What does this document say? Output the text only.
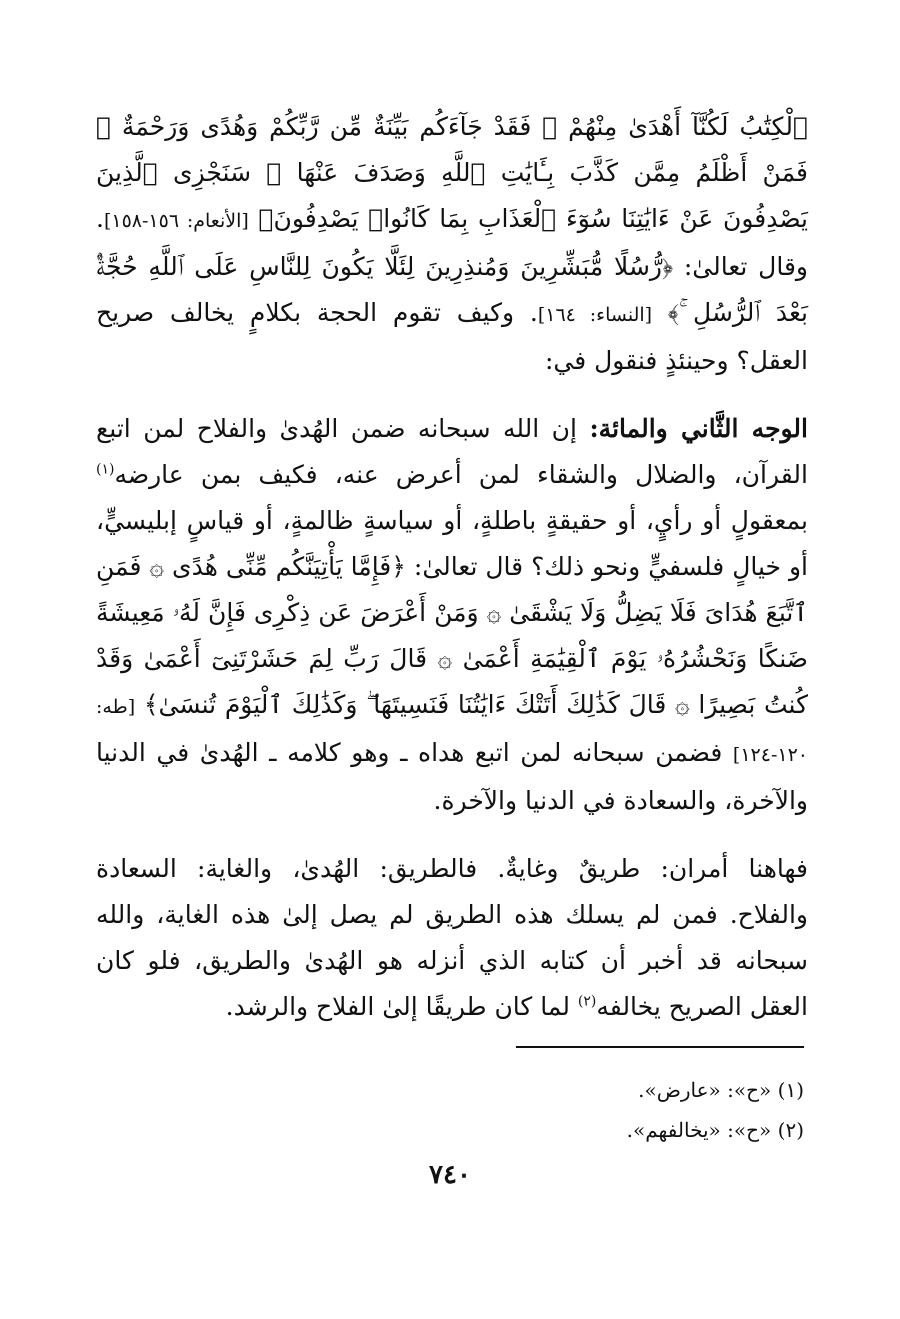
ٱلْكِتَٰبُ لَكُنَّآ أَهْدَىٰ مِنْهُمْ ۚ فَقَدْ جَآءَكُم بَيِّنَةٌ مِّن رَّبِّكُمْ وَهُدًى وَرَحْمَةٌ ۚ فَمَنْ أَظْلَمُ مِمَّن كَذَّبَ بِـَٔايَٰتِ ٱللَّهِ وَصَدَفَ عَنْهَا ۗ سَنَجْزِى ٱلَّذِينَ يَصْدِفُونَ عَنْ ءَايَٰتِنَا سُوٓءَ ٱلْعَذَابِ بِمَا كَانُوا۟ يَصْدِفُونَ﴾ [الأنعام: ١٥٦-١٥٨]. وقال تعالىٰ: ﴿رُّسُلًا مُّبَشِّرِينَ وَمُنذِرِينَ لِئَلَّا يَكُونَ لِلنَّاسِ عَلَى ٱللَّهِ حُجَّةٌۢ بَعْدَ ٱلرُّسُلِ ۚ﴾ [النساء: ١٦٤]. وكيف تقوم الحجة بكلامٍ يخالف صريح العقل؟ وحينئذٍ فنقول في:

الوجه الثَّاني والمائة: إن الله سبحانه ضمن الهُدىٰ والفلاح لمن اتبع القرآن، والضلال والشقاء لمن أعرض عنه، فكيف بمن عارضه$^{(١)}$ بمعقولٍ أو رأيٍ، أو حقيقةٍ باطلةٍ، أو سياسةٍ ظالمةٍ، أو قياسٍ إبليسيٍّ، أو خيالٍ فلسفيٍّ ونحو ذلك؟ قال تعالىٰ: ﴿فَإِمَّا يَأْتِيَنَّكُم مِّنِّى هُدًى ۞ فَمَنِ ٱتَّبَعَ هُدَاىَ فَلَا يَضِلُّ وَلَا يَشْقَىٰ ۞ وَمَنْ أَعْرَضَ عَن ذِكْرِى فَإِنَّ لَهُۥ مَعِيشَةً ضَنكًا وَنَحْشُرُهُۥ يَوْمَ ٱلْقِيَٰمَةِ أَعْمَىٰ ۞ قَالَ رَبِّ لِمَ حَشَرْتَنِىٓ أَعْمَىٰ وَقَدْ كُنتُ بَصِيرًا ۞ قَالَ كَذَٰلِكَ أَتَتْكَ ءَايَٰتُنَا فَنَسِيتَهَا ۖ وَكَذَٰلِكَ ٱلْيَوْمَ تُنسَىٰ﴾ [طه: ١٢٠-١٢٤] فضمن سبحانه لمن اتبع هداه ـ وهو كلامه ـ الهُدىٰ في الدنيا والآخرة، والسعادة في الدنيا والآخرة.

فهاهنا أمران: طريقٌ وغايةٌ. فالطريق: الهُدىٰ، والغاية: السعادة والفلاح. فمن لم يسلك هذه الطريق لم يصل إلىٰ هذه الغاية، والله سبحانه قد أخبر أن كتابه الذي أنزله هو الهُدىٰ والطريق، فلو كان العقل الصريح يخالفه$^{(٢)}$ لما كان طريقًا إلىٰ الفلاح والرشد.

(١) «ح»: «عارض».
(٢) «ح»: «يخالفهم».
٧٤٠
